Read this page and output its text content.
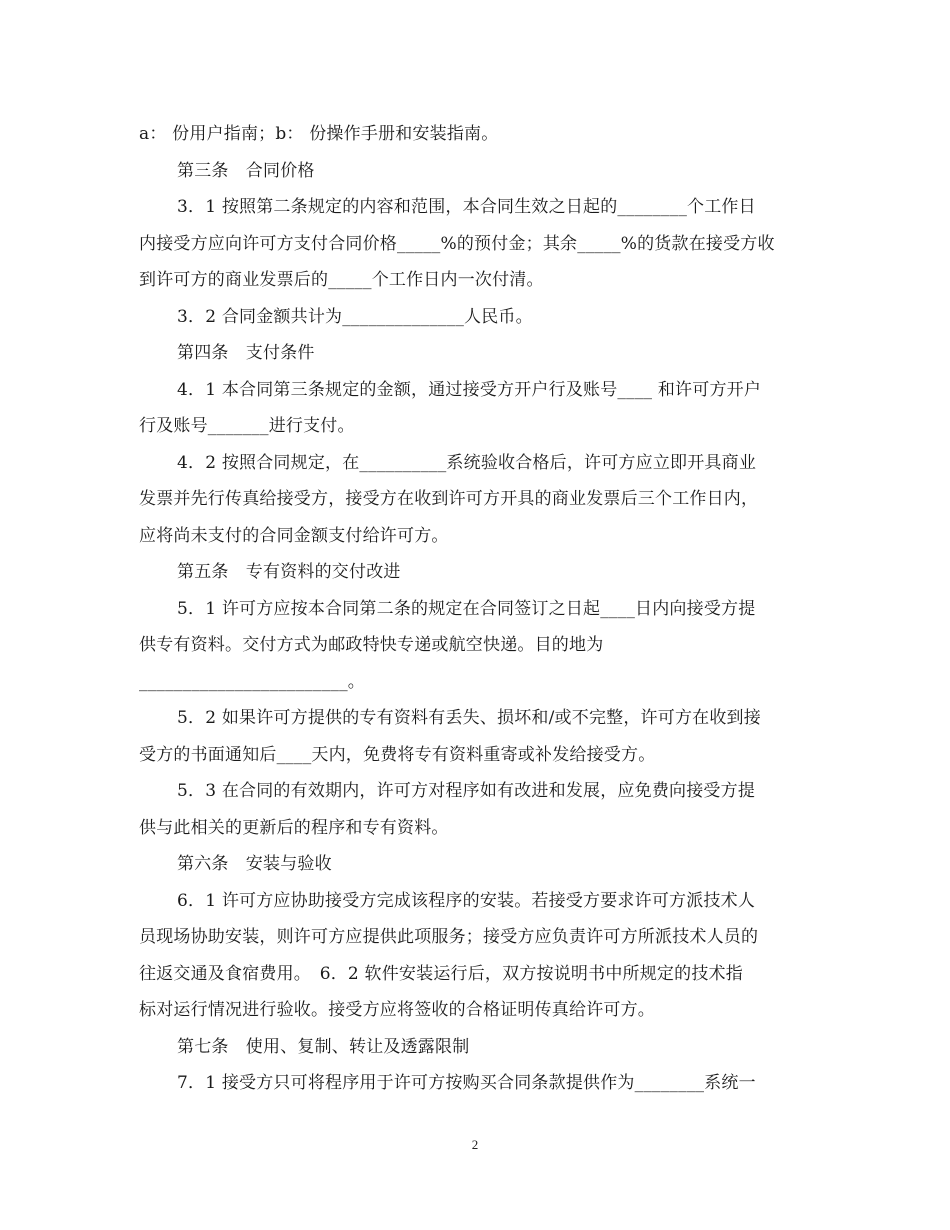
a： 份用户指南；b： 份操作手册和安装指南。
第三条　合同价格
3．1 按照第二条规定的内容和范围，本合同生效之日起的________个工作日
内接受方应向许可方支付合同价格_____%的预付金；其余_____%的货款在接受方收
到许可方的商业发票后的_____个工作日内一次付清。
3．2 合同金额共计为______________人民币。
第四条　支付条件
4．1 本合同第三条规定的金额，通过接受方开户行及账号____ 和许可方开户
行及账号_______进行支付。
4．2 按照合同规定，在__________系统验收合格后，许可方应立即开具商业
发票并先行传真给接受方，接受方在收到许可方开具的商业发票后三个工作日内，
应将尚未支付的合同金额支付给许可方。
第五条　专有资料的交付改进
5．1 许可方应按本合同第二条的规定在合同签订之日起____日内向接受方提
供专有资料。交付方式为邮政特快专递或航空快递。目的地为
________________________。
5．2 如果许可方提供的专有资料有丢失、损坏和/或不完整，许可方在收到接
受方的书面通知后____天内，免费将专有资料重寄或补发给接受方。
5．3 在合同的有效期内，许可方对程序如有改进和发展，应免费向接受方提
供与此相关的更新后的程序和专有资料。
第六条　安装与验收
6．1 许可方应协助接受方完成该程序的安装。若接受方要求许可方派技术人
员现场协助安装，则许可方应提供此项服务；接受方应负责许可方所派技术人员的
往返交通及食宿费用。　6．2 软件安装运行后，双方按说明书中所规定的技术指
标对运行情况进行验收。接受方应将签收的合格证明传真给许可方。
第七条　使用、复制、转让及透露限制
7．1 接受方只可将程序用于许可方按购买合同条款提供作为________系统一
2
